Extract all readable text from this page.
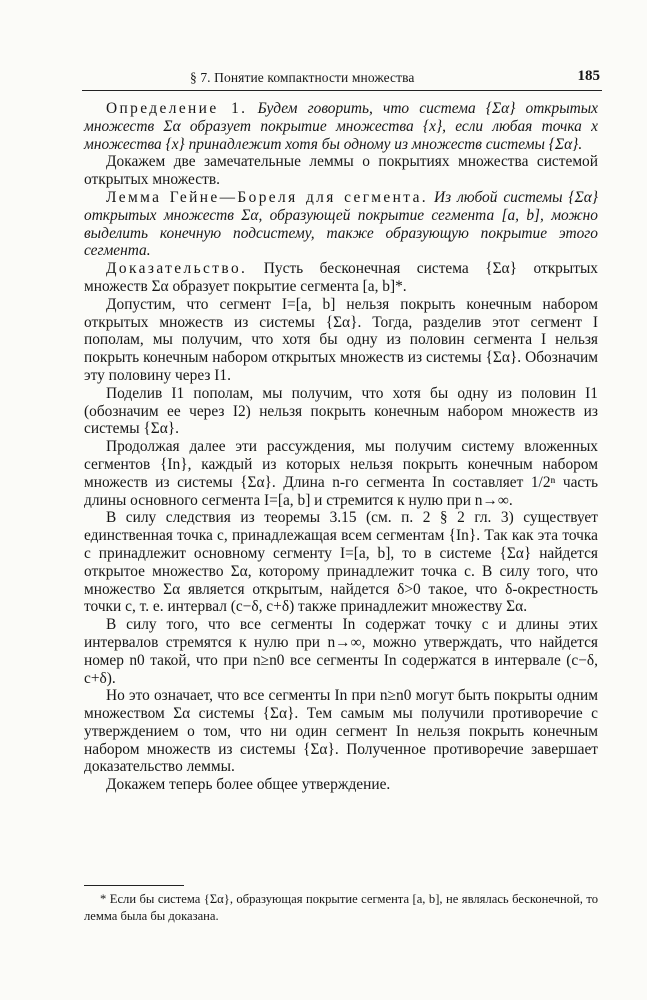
§ 7. Понятие компактности множества	185

Определение 1. Будем говорить, что система {Σα} открытых множеств Σα образует покрытие множества {x}, если любая точка x множества {x} принадлежит хотя бы одному из множеств системы {Σα}.

Докажем две замечательные леммы о покрытиях множества системой открытых множеств.

Лемма Гейне—Бореля для сегмента. Из любой системы {Σα} открытых множеств Σα, образующей покрытие сегмента [a, b], можно выделить конечную подсистему, также образующую покрытие этого сегмента.

Доказательство. Пусть бесконечная система {Σα} открытых множеств Σα образует покрытие сегмента [a, b]*.

Допустим, что сегмент I=[a, b] нельзя покрыть конечным набором открытых множеств из системы {Σα}. Тогда, разделив этот сегмент I пополам, мы получим, что хотя бы одну из половин сегмента I нельзя покрыть конечным набором открытых множеств из системы {Σα}. Обозначим эту половину через I1.

Поделив I1 пополам, мы получим, что хотя бы одну из половин I1 (обозначим ее через I2) нельзя покрыть конечным набором множеств из системы {Σα}.

Продолжая далее эти рассуждения, мы получим систему вложенных сегментов {In}, каждый из которых нельзя покрыть конечным набором множеств из системы {Σα}. Длина n-го сегмента In составляет 1/2ⁿ часть длины основного сегмента I=[a, b] и стремится к нулю при n→∞.

В силу следствия из теоремы 3.15 (см. п. 2 § 2 гл. 3) существует единственная точка c, принадлежащая всем сегментам {In}. Так как эта точка c принадлежит основному сегменту I=[a, b], то в системе {Σα} найдется открытое множество Σα, которому принадлежит точка c. В силу того, что множество Σα является открытым, найдется δ>0 такое, что δ-окрестность точки c, т. е. интервал (c−δ, c+δ) также принадлежит множеству Σα.

В силу того, что все сегменты In содержат точку c и длины этих интервалов стремятся к нулю при n→∞, можно утверждать, что найдется номер n0 такой, что при n≥n0 все сегменты In содержатся в интервале (c−δ, c+δ).

Но это означает, что все сегменты In при n≥n0 могут быть покрыты одним множеством Σα системы {Σα}. Тем самым мы получили противоречие с утверждением о том, что ни один сегмент In нельзя покрыть конечным набором множеств из системы {Σα}. Полученное противоречие завершает доказательство леммы.

Докажем теперь более общее утверждение.

* Если бы система {Σα}, образующая покрытие сегмента [a, b], не являлась бесконечной, то лемма была бы доказана.
